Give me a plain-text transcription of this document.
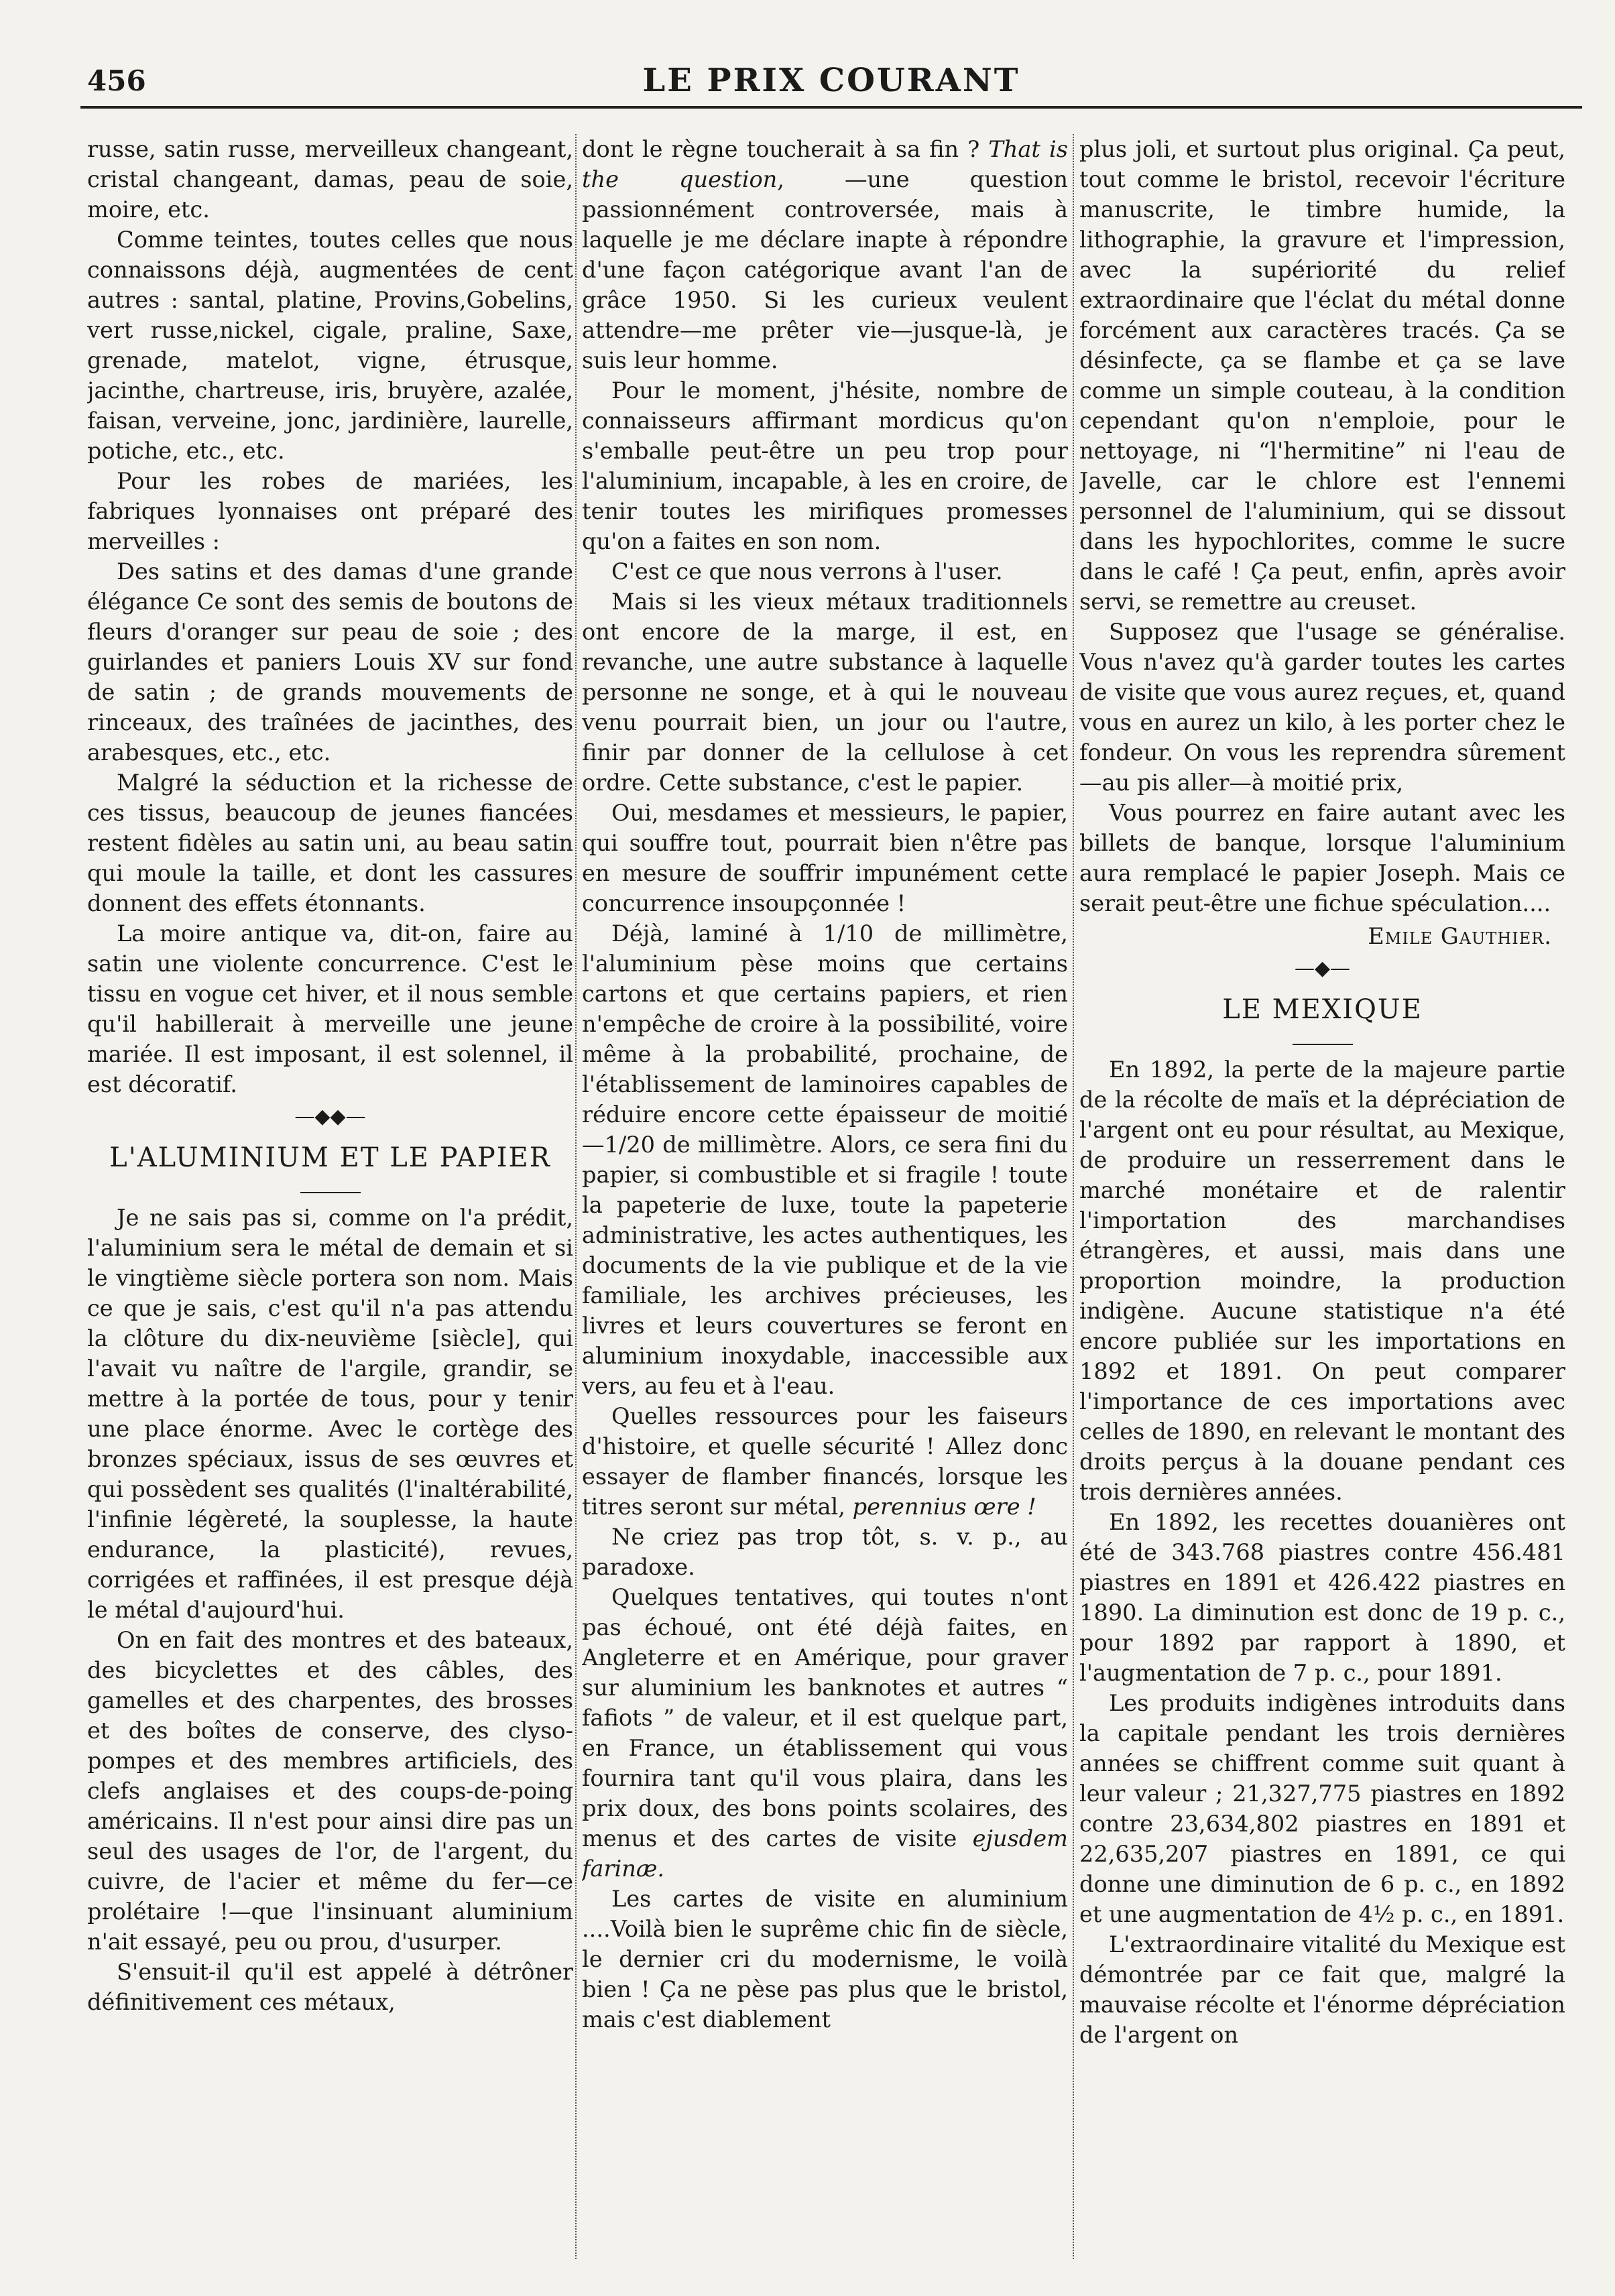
456	LE PRIX COURANT

russe, satin russe, merveilleux changeant, cristal changeant, damas, peau de soie, moire, etc.

Comme teintes, toutes celles que nous connaissons déjà, augmentées de cent autres : santal, platine, Provins,Gobelins, vert russe,nickel, cigale, praline, Saxe, grenade, matelot, vigne, étrusque, jacinthe, chartreuse, iris, bruyère, azalée, faisan, verveine, jonc, jardinière, laurelle, potiche, etc., etc.

Pour les robes de mariées, les fabriques lyonnaises ont préparé des merveilles :

Des satins et des damas d'une grande élégance Ce sont des semis de boutons de fleurs d'oranger sur peau de soie ; des guirlandes et paniers Louis XV sur fond de satin ; de grands mouvements de rinceaux, des traînées de jacinthes, des arabesques, etc., etc.

Malgré la séduction et la richesse de ces tissus, beaucoup de jeunes fiancées restent fidèles au satin uni, au beau satin qui moule la taille, et dont les cassures donnent des effets étonnants.

La moire antique va, dit-on, faire au satin une violente concurrence. C'est le tissu en vogue cet hiver, et il nous semble qu'il habillerait à merveille une jeune mariée. Il est imposant, il est solennel, il est décoratif.

—◆◆—
L'ALUMINIUM ET LE PAPIER

Je ne sais pas si, comme on l'a prédit, l'aluminium sera le métal de demain et si le vingtième siècle portera son nom. Mais ce que je sais, c'est qu'il n'a pas attendu la clôture du dix-neuvième [siècle], qui l'avait vu naître de l'argile, grandir, se mettre à la portée de tous, pour y tenir une place énorme. Avec le cortège des bronzes spéciaux, issus de ses œuvres et qui possèdent ses qualités (l'inaltérabilité, l'infinie légèreté, la souplesse, la haute endurance, la plasticité), revues, corrigées et raffinées, il est presque déjà le métal d'aujourd'hui.

On en fait des montres et des bateaux, des bicyclettes et des câbles, des gamelles et des charpentes, des brosses et des boîtes de conserve, des clyso-pompes et des membres artificiels, des clefs anglaises et des coups-de-poing américains. Il n'est pour ainsi dire pas un seul des usages de l'or, de l'argent, du cuivre, de l'acier et même du fer—ce prolétaire !—que l'insinuant aluminium n'ait essayé, peu ou prou, d'usurper.

S'ensuit-il qu'il est appelé à détrôner définitivement ces métaux,

dont le règne toucherait à sa fin ? That is the question, —une question passionnément controversée, mais à laquelle je me déclare inapte à répondre d'une façon catégorique avant l'an de grâce 1950. Si les curieux veulent attendre—me prêter vie—jusque-là, je suis leur homme.

Pour le moment, j'hésite, nombre de connaisseurs affirmant mordicus qu'on s'emballe peut-être un peu trop pour l'aluminium, incapable, à les en croire, de tenir toutes les mirifiques promesses qu'on a faites en son nom.

C'est ce que nous verrons à l'user.

Mais si les vieux métaux traditionnels ont encore de la marge, il est, en revanche, une autre substance à laquelle personne ne songe, et à qui le nouveau venu pourrait bien, un jour ou l'autre, finir par donner de la cellulose à cet ordre. Cette substance, c'est le papier.

Oui, mesdames et messieurs, le papier, qui souffre tout, pourrait bien n'être pas en mesure de souffrir impunément cette concurrence insoupçonnée !

Déjà, laminé à 1/10 de millimètre, l'aluminium pèse moins que certains cartons et que certains papiers, et rien n'empêche de croire à la possibilité, voire même à la probabilité, prochaine, de l'établissement de laminoires capables de réduire encore cette épaisseur de moitié—1/20 de millimètre. Alors, ce sera fini du papier, si combustible et si fragile ! toute la papeterie de luxe, toute la papeterie administrative, les actes authentiques, les documents de la vie publique et de la vie familiale, les archives précieuses, les livres et leurs couvertures se feront en aluminium inoxydable, inaccessible aux vers, au feu et à l'eau.

Quelles ressources pour les faiseurs d'histoire, et quelle sécurité ! Allez donc essayer de flamber financés, lorsque les titres seront sur métal, perennius œre !

Ne criez pas trop tôt, s. v. p., au paradoxe.

Quelques tentatives, qui toutes n'ont pas échoué, ont été déjà faites, en Angleterre et en Amérique, pour graver sur aluminium les banknotes et autres “ fafiots ” de valeur, et il est quelque part, en France, un établissement qui vous fournira tant qu'il vous plaira, dans les prix doux, des bons points scolaires, des menus et des cartes de visite ejusdem farinæ.

Les cartes de visite en aluminium ....Voilà bien le suprême chic fin de siècle, le dernier cri du modernisme, le voilà bien ! Ça ne pèse pas plus que le bristol, mais c'est diablement

plus joli, et surtout plus original. Ça peut, tout comme le bristol, recevoir l'écriture manuscrite, le timbre humide, la lithographie, la gravure et l'impression, avec la supériorité du relief extraordinaire que l'éclat du métal donne forcément aux caractères tracés. Ça se désinfecte, ça se flambe et ça se lave comme un simple couteau, à la condition cependant qu'on n'emploie, pour le nettoyage, ni “l'hermitine” ni l'eau de Javelle, car le chlore est l'ennemi personnel de l'aluminium, qui se dissout dans les hypochlorites, comme le sucre dans le café ! Ça peut, enfin, après avoir servi, se remettre au creuset.

Supposez que l'usage se généralise. Vous n'avez qu'à garder toutes les cartes de visite que vous aurez reçues, et, quand vous en aurez un kilo, à les porter chez le fondeur. On vous les reprendra sûrement—au pis aller—à moitié prix,

Vous pourrez en faire autant avec les billets de banque, lorsque l'aluminium aura remplacé le papier Joseph. Mais ce serait peut-être une fichue spéculation....

Emile Gauthier.
—◆—
LE MEXIQUE

En 1892, la perte de la majeure partie de la récolte de maïs et la dépréciation de l'argent ont eu pour résultat, au Mexique, de produire un resserrement dans le marché monétaire et de ralentir l'importation des marchandises étrangères, et aussi, mais dans une proportion moindre, la production indigène. Aucune statistique n'a été encore publiée sur les importations en 1892 et 1891. On peut comparer l'importance de ces importations avec celles de 1890, en relevant le montant des droits perçus à la douane pendant ces trois dernières années.

En 1892, les recettes douanières ont été de 343.768 piastres contre 456.481 piastres en 1891 et 426.422 piastres en 1890. La diminution est donc de 19 p. c., pour 1892 par rapport à 1890, et l'augmentation de 7 p. c., pour 1891.

Les produits indigènes introduits dans la capitale pendant les trois dernières années se chiffrent comme suit quant à leur valeur ; 21,327,775 piastres en 1892 contre 23,634,802 piastres en 1891 et 22,635,207 piastres en 1891, ce qui donne une diminution de 6 p. c., en 1892 et une augmentation de 4½ p. c., en 1891.

L'extraordinaire vitalité du Mexique est démontrée par ce fait que, malgré la mauvaise récolte et l'énorme dépréciation de l'argent on
